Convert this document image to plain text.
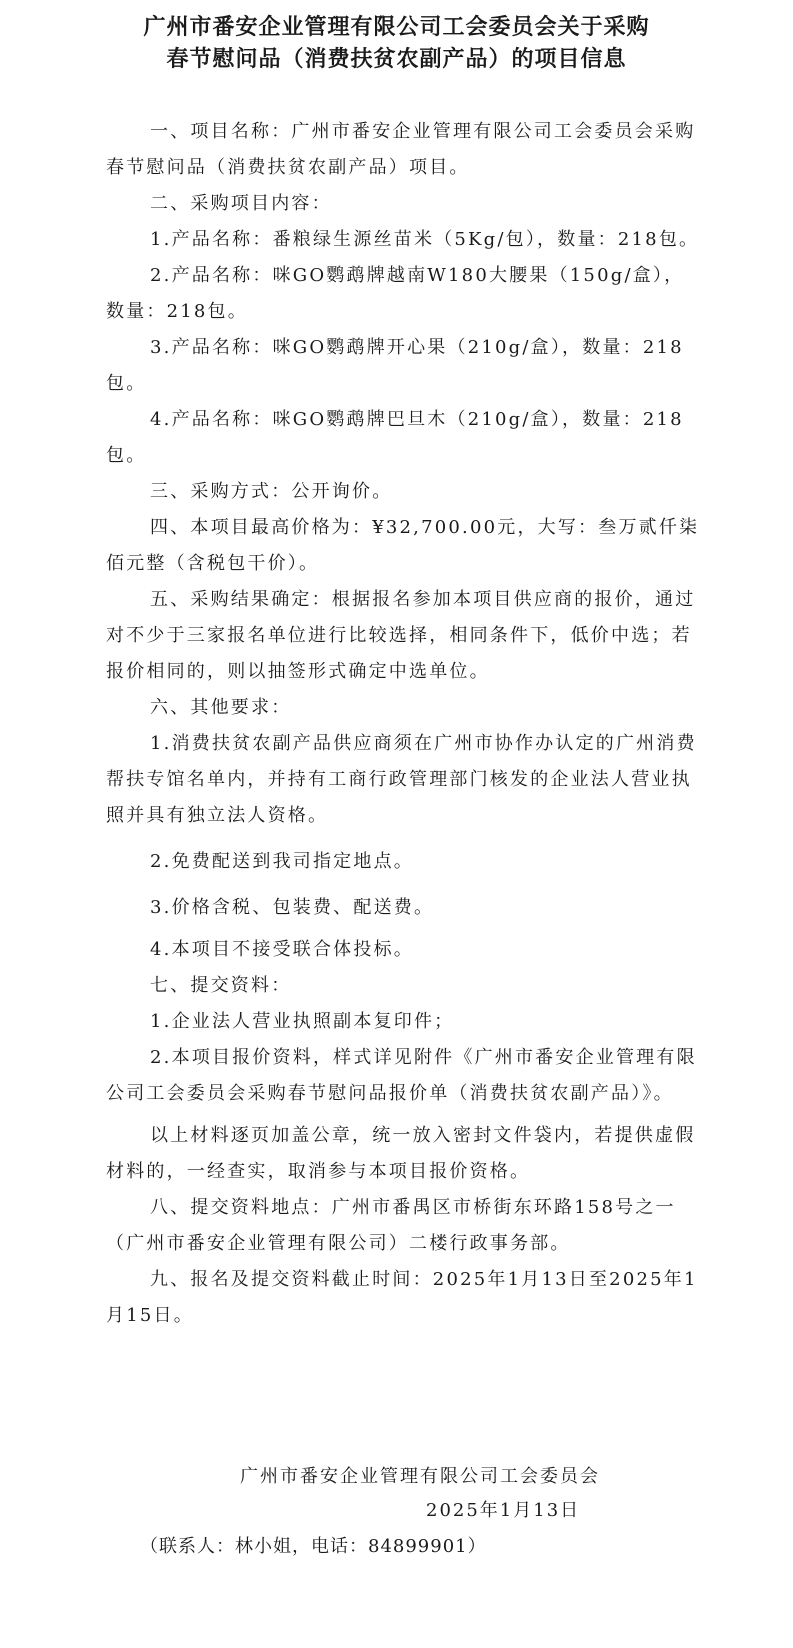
广州市番安企业管理有限公司工会委员会关于采购
春节慰问品（消费扶贫农副产品）的项目信息

一、项目名称：广州市番安企业管理有限公司工会委员会采购春节慰问品（消费扶贫农副产品）项目。

二、采购项目内容：

1.产品名称：番粮绿生源丝苗米（5Kg/包），数量：218包。

2.产品名称：咪GO鹦鹉牌越南W180大腰果（150g/盒），数量：218包。

3.产品名称：咪GO鹦鹉牌开心果（210g/盒），数量：218包。

4.产品名称：咪GO鹦鹉牌巴旦木（210g/盒），数量：218包。

三、采购方式：公开询价。

四、本项目最高价格为：¥32,700.00元，大写：叁万贰仟柒佰元整（含税包干价）。

五、采购结果确定：根据报名参加本项目供应商的报价，通过对不少于三家报名单位进行比较选择，相同条件下，低价中选；若报价相同的，则以抽签形式确定中选单位。

六、其他要求：

1.消费扶贫农副产品供应商须在广州市协作办认定的广州消费帮扶专馆名单内，并持有工商行政管理部门核发的企业法人营业执照并具有独立法人资格。

2.免费配送到我司指定地点。

3.价格含税、包装费、配送费。

4.本项目不接受联合体投标。

七、提交资料：

1.企业法人营业执照副本复印件；

2.本项目报价资料，样式详见附件《广州市番安企业管理有限公司工会委员会采购春节慰问品报价单（消费扶贫农副产品）》。

以上材料逐页加盖公章，统一放入密封文件袋内，若提供虚假材料的，一经查实，取消参与本项目报价资格。

八、提交资料地点：广州市番禺区市桥街东环路158号之一（广州市番安企业管理有限公司）二楼行政事务部。

九、报名及提交资料截止时间：2025年1月13日至2025年1月15日。

广州市番安企业管理有限公司工会委员会
2025年1月13日
（联系人：林小姐，电话：84899901）
